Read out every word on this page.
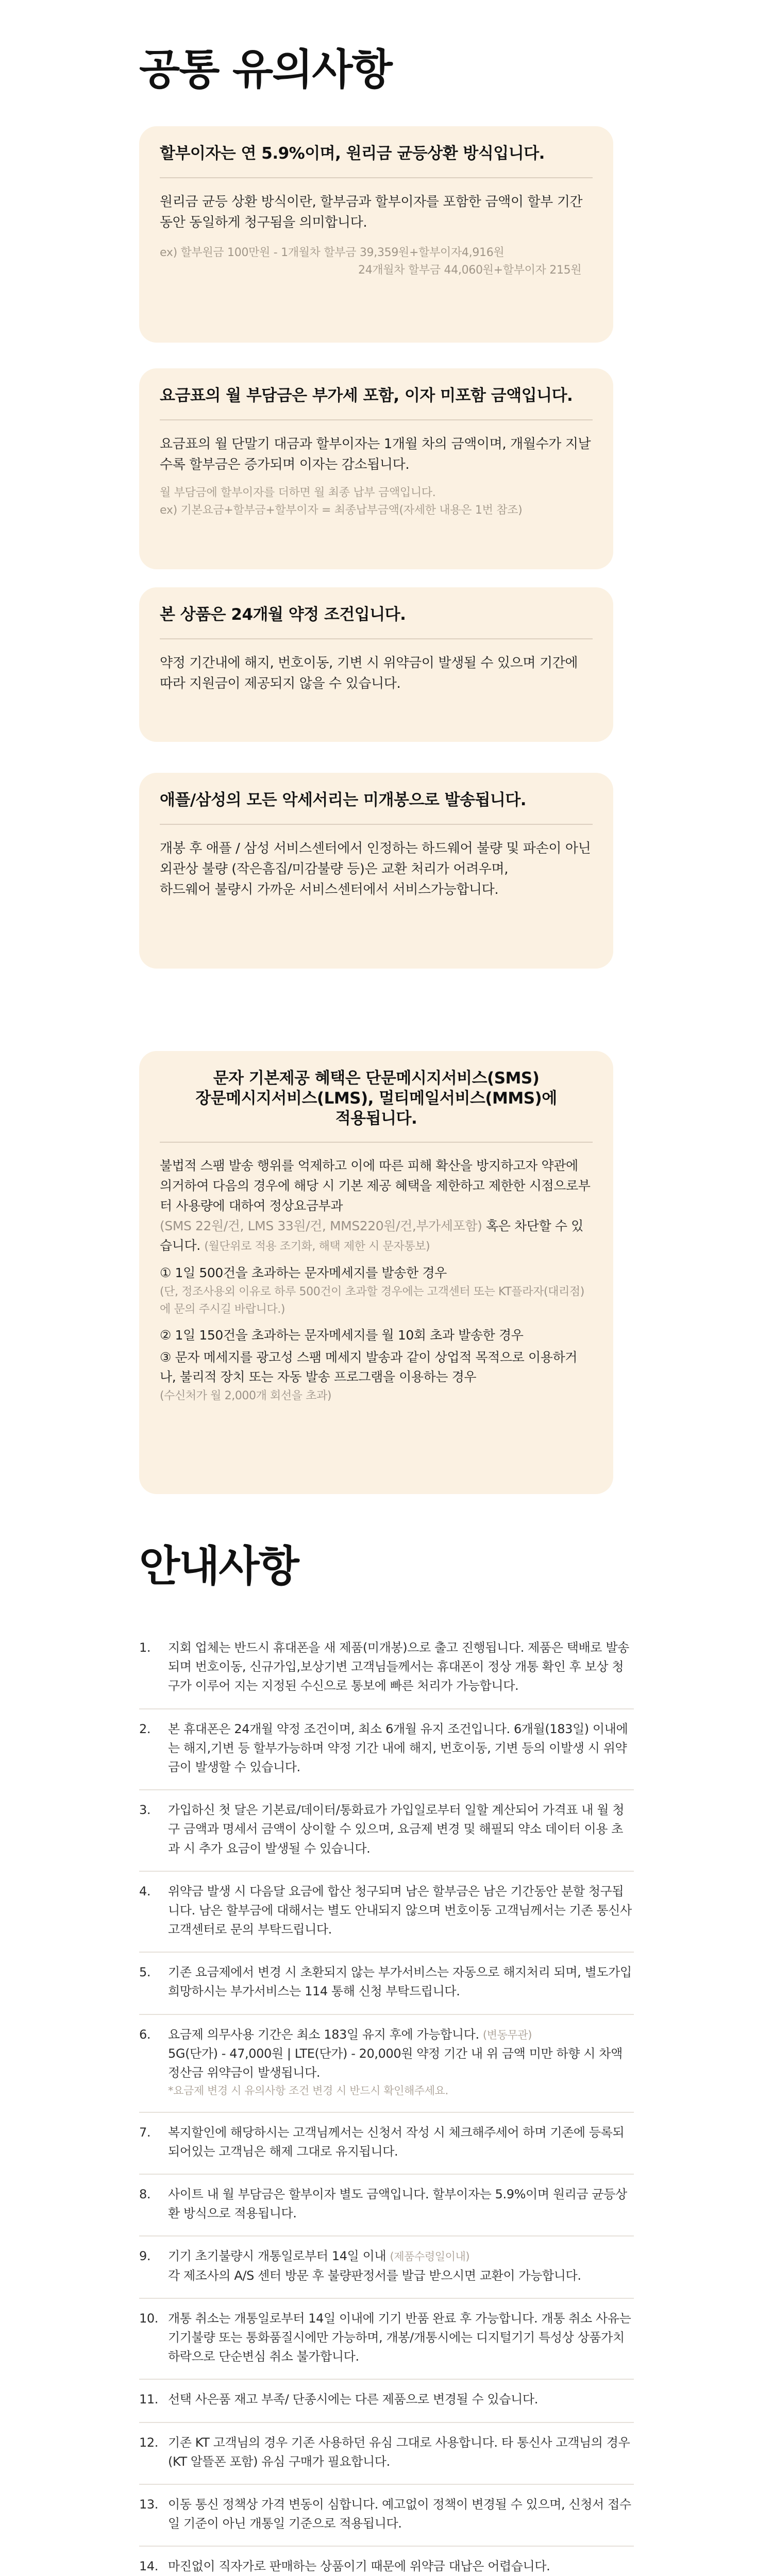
공통 유의사항
할부이자는 연 5.9%이며, 원리금 균등상환 방식입니다.
원리금 균등 상환 방식이란, 할부금과 할부이자를 포함한 금액이 할부 기간동안 동일하게 청구됨을 의미합니다.
ex) 할부원금 100만원 - 1개월차 할부금 39,359원+할부이자4,916원
24개월차 할부금 44,060원+할부이자 215원
요금표의 월 부담금은 부가세 포함, 이자 미포함 금액입니다.
요금표의 월 단말기 대금과 할부이자는 1개월 차의 금액이며, 개월수가 지날수록 할부금은 증가되며 이자는 감소됩니다.
월 부담금에 할부이자를 더하면 월 최종 납부 금액입니다.
ex) 기본요금+할부금+할부이자 = 최종납부금액(자세한 내용은 1번 참조)
본 상품은 24개월 약정 조건입니다.
약정 기간내에 해지, 번호이동, 기변 시 위약금이 발생될 수 있으며 기간에 따라 지원금이 제공되지 않을 수 있습니다.
애플/삼성의 모든 악세서리는 미개봉으로 발송됩니다.
개봉 후 애플 / 삼성 서비스센터에서 인정하는 하드웨어 불량 및 파손이 아닌 외관상 불량 (작은흠집/미감불량 등)은 교환 처리가 어려우며,
하드웨어 불량시 가까운 서비스센터에서 서비스가능합니다.
문자 기본제공 혜택은 단문메시지서비스(SMS)
장문메시지서비스(LMS), 멀티메일서비스(MMS)에
적용됩니다.
불법적 스팸 발송 행위를 억제하고 이에 따른 피해 확산을 방지하고자 약관에 의거하여 다음의 경우에 해당 시 기본 제공 혜택을 제한하고 제한한 시점으로부터 사용량에 대하여 정상요금부과
(SMS 22원/건, LMS 33원/건, MMS220원/건,부가세포함) 혹은 차단할 수 있습니다. (월단위로 적용 조기화, 해택 제한 시 문자통보)
① 1일 500건을 초과하는 문자메세지를 발송한 경우
(단, 정조사용외 이유로 하루 500건이 초과할 경우에는 고객센터 또는 KT플라자(대리점)에 문의 주시길 바랍니다.)
② 1일 150건을 초과하는 문자메세지를 월 10회 초과 발송한 경우
③ 문자 메세지를 광고성 스팸 메세지 발송과 같이 상업적 목적으로 이용하거나, 불리적 장치 또는 자동 발송 프로그램을 이용하는 경우
(수신처가 월 2,000개 회선을 초과)
안내사항
1.	지회 업체는 반드시 휴대폰을 새 제품(미개봉)으로 출고 진행됩니다. 제품은 택배로 발송되며 번호이동, 신규가입,보상기변 고객님들께서는 휴대폰이 정상 개통 확인 후 보상 청구가 이루어 지는 지정된 수신으로 통보에 빠른 처리가 가능합니다.
2.	본 휴대폰은 24개월 약정 조건이며, 최소 6개월 유지 조건입니다. 6개월(183일) 이내에는 해지,기변 등 할부가능하며 약정 기간 내에 해지, 번호이동, 기변 등의 이발생 시 위약금이 발생할 수 있습니다.
3.	가입하신 첫 달은 기본료/데이터/통화료가 가입일로부터 일할 계산되어 가격표 내 월 청구 금액과 명세서 금액이 상이할 수 있으며, 요금제 변경 및 해필되 약소 데이터 이용 초과 시 추가 요금이 발생될 수 있습니다.
4.	위약금 발생 시 다음달 요금에 합산 청구되며 남은 할부금은 남은 기간동안 분할 청구됩니다. 남은 할부금에 대해서는 별도 안내되지 않으며 번호이동 고객님께서는 기존 통신사 고객센터로 문의 부탁드립니다.
5.	기존 요금제에서 변경 시 초환되지 않는 부가서비스는 자동으로 해지처리 되며, 별도가입 희망하시는 부가서비스는 114 통해 신청 부탁드립니다.
6.	요금제 의무사용 기간은 최소 183일 유지 후에 가능합니다. (변동무관)
5G(단가) - 47,000원 | LTE(단가) - 20,000원 약정 기간 내 위 금액 미만 하향 시 차액 정산금 위약금이 발생됩니다.
*요금제 변경 시 유의사항 조건 변경 시 반드시 확인해주세요.
7.	복지할인에 해당하시는 고객님께서는 신청서 작성 시 체크해주세어 하며 기존에 등록되 되어있는 고객님은 해제 그대로 유지됩니다.
8.	사이트 내 월 부담금은 할부이자 별도 금액입니다. 할부이자는 5.9%이며 원리금 균등상환 방식으로 적용됩니다.
9.	기기 초기불량시 개통일로부터 14일 이내 (제품수령일이내)
각 제조사의 A/S 센터 방문 후 불량판정서를 발급 받으시면 교환이 가능합니다.
10. 개통 취소는 개통일로부터 14일 이내에 기기 반품 완료 후 가능합니다. 개통 취소 사유는 기기불량 또는 통화품질시에만 가능하며, 개봉/개통시에는 디지털기기 특성상 상품가치 하락으로 단순변심 취소 불가합니다.
11. 선택 사은품 재고 부족/ 단종시에는 다른 제품으로 변경될 수 있습니다.
12. 기존 KT 고객님의 경우 기존 사용하던 유심 그대로 사용합니다. 타 통신사 고객님의 경우(KT 알뜰폰 포함) 유심 구매가 필요합니다.
13. 이동 통신 정책상 가격 변동이 심합니다. 예고없이 정책이 변경될 수 있으며, 신청서 접수일 기준이 아닌 개통일 기준으로 적용됩니다.
14. 마진없이 직자가로 판매하는 상품이기 때문에 위약금 대납은 어렵습니다.
